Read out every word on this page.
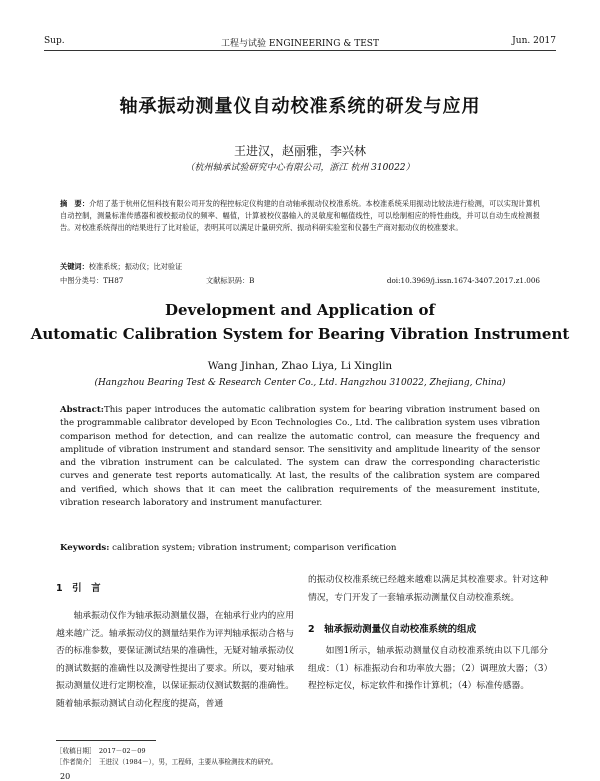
Sup.	工程与试验 ENGINEERING & TEST	Jun. 2017
轴承振动测量仪自动校准系统的研发与应用
王进汉，赵丽雅，李兴林
（杭州轴承试验研究中心有限公司，浙江 杭州 310022）
摘　要：介绍了基于杭州亿恒科技有限公司开发的程控标定仪构建的自动轴承振动仪校准系统。本校准系统采用振动比较法进行检测，可以实现计算机自动控制，测量标准传感器和被校振动仪的频率、幅值，计算被校仪器输入的灵敏度和幅值线性，可以绘制相应的特性曲线，并可以自动生成检测报告。对校准系统得出的结果进行了比对验证，表明其可以满足计量研究所、振动科研实验室和仪器生产商对振动仪的校准要求。
关键词：校准系统；振动仪；比对验证
中图分类号：TH87	文献标识码：B	doi:10.3969/j.issn.1674-3407.2017.z1.006
Development and Application of
Automatic Calibration System for Bearing Vibration Instrument
Wang Jinhan, Zhao Liya, Li Xinglin
(Hangzhou Bearing Test & Research Center Co., Ltd. Hangzhou 310022, Zhejiang, China)
Abstract:This paper introduces the automatic calibration system for bearing vibration instrument based on the programmable calibrator developed by Econ Technologies Co., Ltd. The calibration system uses vibration comparison method for detection, and can realize the automatic control, can measure the frequency and amplitude of vibration instrument and standard sensor. The sensitivity and amplitude linearity of the sensor and the vibration instrument can be calculated. The system can draw the corresponding characteristic curves and generate test reports automatically. At last, the results of the calibration system are compared and verified, which shows that it can meet the calibration requirements of the measurement institute, vibration research laboratory and instrument manufacturer.
Keywords: calibration system; vibration instrument; comparison verification

1　引　言

轴承振动仪作为轴承振动测量仪器，在轴承行业内的应用越来越广泛。轴承振动仪的测量结果作为评判轴承振动合格与否的标准参数，要保证测试结果的准确性，无疑对轴承振动仪的测试数据的准确性以及测량性提出了要求。所以，要对轴承振动测量仪进行定期校准，以保证振动仪测试数据的准确性。随着轴承振动测试自动化程度的提高，普通

的振动仪校准系统已经越来越难以满足其校准要求。针对这种情况，专门开发了一套轴承振动测量仪自动校准系统。

2　轴承振动测量仪自动校准系统的组成

如图1所示，轴承振动测量仪自动校准系统由以下几部分组成：（1）标准振动台和功率放大器；（2）调理放大器；（3）程控标定仪，标定软件和操作计算机；（4）标准传感器。

［收稿日期］　2017－02－09
［作者简介］　王进汉（1984－），男，工程师，主要从事检测技术的研究。
20
